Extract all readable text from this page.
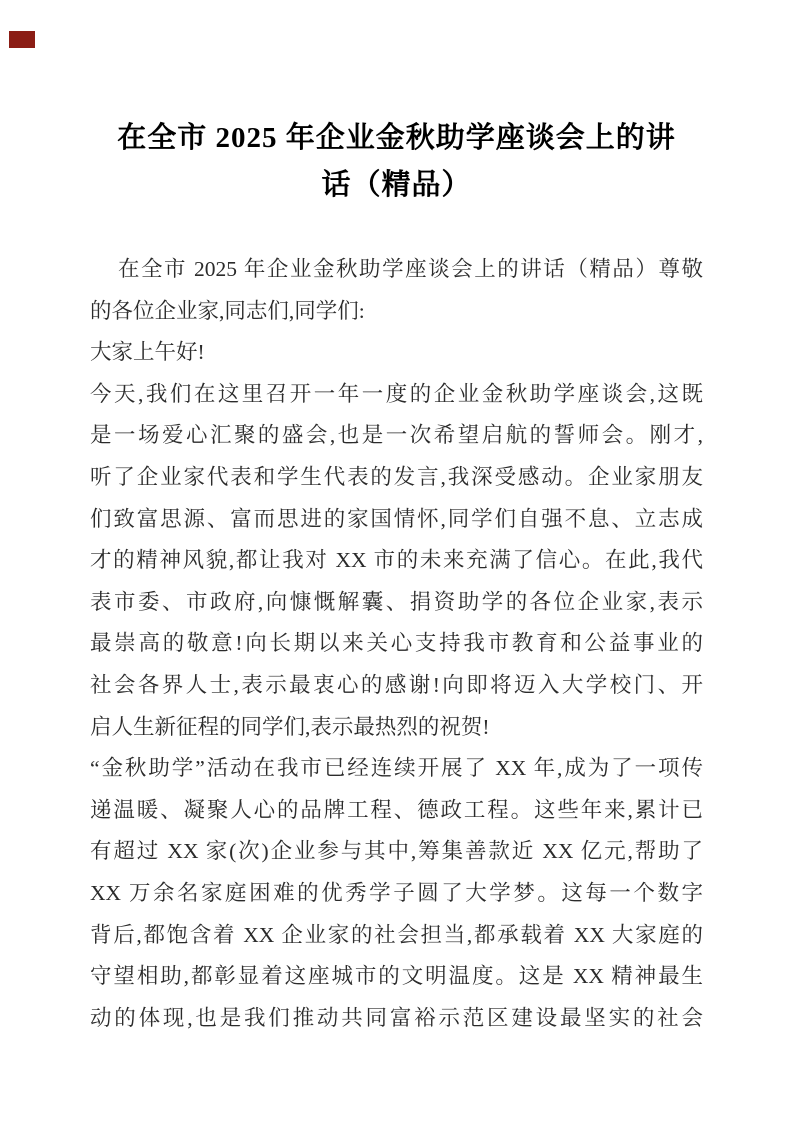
在全市 2025 年企业金秋助学座谈会上的讲
话（精品）
在全市 2025 年企业金秋助学座谈会上的讲话（精品）尊敬
的各位企业家,同志们,同学们:
大家上午好!
今天,我们在这里召开一年一度的企业金秋助学座谈会,这既
是一场爱心汇聚的盛会,也是一次希望启航的誓师会。刚才,
听了企业家代表和学生代表的发言,我深受感动。企业家朋友
们致富思源、富而思进的家国情怀,同学们自强不息、立志成
才的精神风貌,都让我对 XX 市的未来充满了信心。在此,我代
表市委、市政府,向慷慨解囊、捐资助学的各位企业家,表示
最崇高的敬意!向长期以来关心支持我市教育和公益事业的
社会各界人士,表示最衷心的感谢!向即将迈入大学校门、开
启人生新征程的同学们,表示最热烈的祝贺!
“金秋助学”活动在我市已经连续开展了 XX 年,成为了一项传
递温暖、凝聚人心的品牌工程、德政工程。这些年来,累计已
有超过 XX 家(次)企业参与其中,筹集善款近 XX 亿元,帮助了
XX 万余名家庭困难的优秀学子圆了大学梦。这每一个数字
背后,都饱含着 XX 企业家的社会担当,都承载着 XX 大家庭的
守望相助,都彰显着这座城市的文明温度。这是 XX 精神最生
动的体现,也是我们推动共同富裕示范区建设最坚实的社会
